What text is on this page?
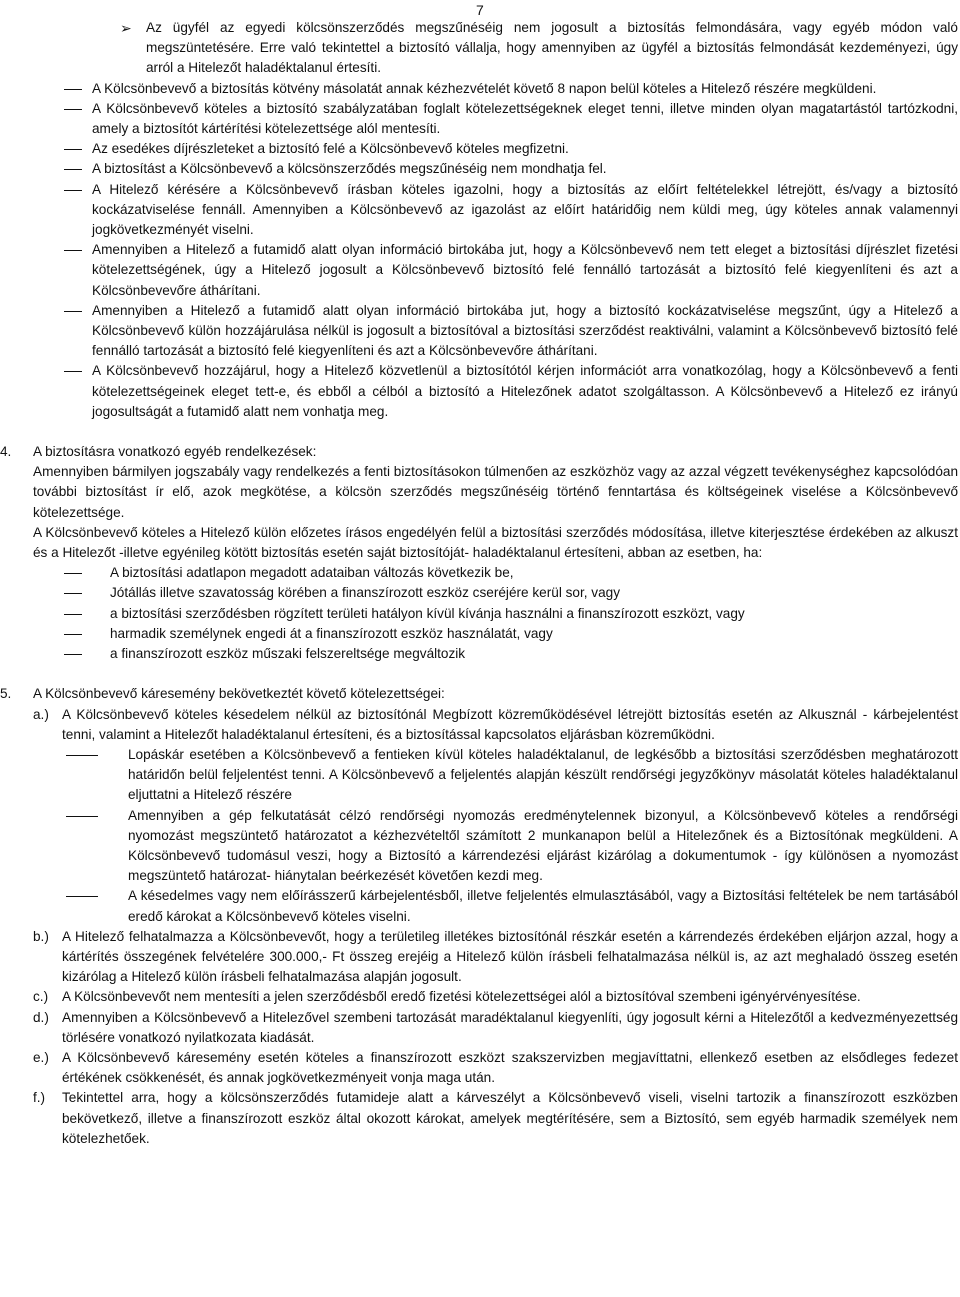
7
➢	Az ügyfél az egyedi kölcsönszerződés megszűnéséig nem jogosult a biztosítás felmondására, vagy egyéb módon való megszüntetésére. Erre való tekintettel a biztosító vállalja, hogy amennyiben az ügyfél a biztosítás felmondását kezdeményezi, úgy arról a Hitelezőt haladéktalanul értesíti.
A Kölcsönbevevő a biztosítás kötvény másolatát annak kézhezvételét követő 8 napon belül köteles a Hitelező részére megküldeni.
A Kölcsönbevevő köteles a biztosító szabályzatában foglalt kötelezettségeknek eleget tenni, illetve minden olyan magatartástól tartózkodni, amely a biztosítót kártérítési kötelezettsége alól mentesíti.
Az esedékes díjrészleteket a biztosító felé a Kölcsönbevevő köteles megfizetni.
A biztosítást a Kölcsönbevevő a kölcsönszerződés megszűnéséig nem mondhatja fel.
A Hitelező kérésére a Kölcsönbevevő írásban köteles igazolni, hogy a biztosítás az előírt feltételekkel létrejött, és/vagy a biztosító kockázatviselése fennáll. Amennyiben a Kölcsönbevevő az igazolást az előírt határidőig nem küldi meg, úgy köteles annak valamennyi jogkövetkezményét viselni.
Amennyiben a Hitelező a futamidő alatt olyan információ birtokába jut, hogy a Kölcsönbevevő nem tett eleget a biztosítási díjrészlet fizetési kötelezettségének, úgy a Hitelező jogosult a Kölcsönbevevő biztosító felé fennálló tartozását a biztosító felé kiegyenlíteni és azt a Kölcsönbevevőre áthárítani.
Amennyiben a Hitelező a futamidő alatt olyan információ birtokába jut, hogy a biztosító kockázatviselése megszűnt, úgy a Hitelező a Kölcsönbevevő külön hozzájárulása nélkül is jogosult a biztosítóval a biztosítási szerződést reaktiválni, valamint a Kölcsönbevevő biztosító felé fennálló tartozását a biztosító felé kiegyenlíteni és azt a Kölcsönbevevőre áthárítani.
A Kölcsönbevevő hozzájárul, hogy a Hitelező közvetlenül a biztosítótól kérjen információt arra vonatkozólag, hogy a Kölcsönbevevő a fenti kötelezettségeinek eleget tett-e, és ebből a célból a biztosító a Hitelezőnek adatot szolgáltasson. A Kölcsönbevevő a Hitelező ez irányú jogosultságát a futamidő alatt nem vonhatja meg.
4.	A biztosításra vonatkozó egyéb rendelkezések:
Amennyiben bármilyen jogszabály vagy rendelkezés a fenti biztosításokon túlmenően az eszközhöz vagy az azzal végzett tevékenységhez kapcsolódóan további biztosítást ír elő, azok megkötése, a kölcsön szerződés megszűnéséig történő fenntartása és költségeinek viselése a Kölcsönbevevő kötelezettsége.
A Kölcsönbevevő köteles a Hitelező külön előzetes írásos engedélyén felül a biztosítási szerződés módosítása, illetve kiterjesztése érdekében az alkuszt és a Hitelezőt -illetve egyénileg kötött biztosítás esetén saját biztosítóját- haladéktalanul értesíteni, abban az esetben, ha:
A biztosítási adatlapon megadott adataiban változás következik be,
Jótállás illetve szavatosság körében a finanszírozott eszköz cseréjére kerül sor, vagy
a biztosítási szerződésben rögzített területi hatályon kívül kívánja használni a finanszírozott eszközt, vagy
harmadik személynek engedi át a finanszírozott eszköz használatát, vagy
a finanszírozott eszköz műszaki felszereltsége megváltozik
5.	A Kölcsönbevevő káresemény bekövetkeztét követő kötelezettségei:
a.) A Kölcsönbevevő köteles késedelem nélkül az biztosítónál Megbízott közreműködésével létrejött biztosítás esetén az Alkusznál - kárbejelentést tenni, valamint a Hitelezőt haladéktalanul értesíteni, és a biztosítással kapcsolatos eljárásban közreműködni.
Lopáskár esetében a Kölcsönbevevő a fentieken kívül köteles haladéktalanul, de legkésőbb a biztosítási szerződésben meghatározott határidőn belül feljelentést tenni. A Kölcsönbevevő a feljelentés alapján készült rendőrségi jegyzőkönyv másolatát köteles haladéktalanul eljuttatni a Hitelező részére
Amennyiben a gép felkutatását célzó rendőrségi nyomozás eredménytelennek bizonyul, a Kölcsönbevevő köteles a rendőrségi nyomozást megszüntető határozatot a kézhezvételtől számított 2 munkanapon belül a Hitelezőnek és a Biztosítónak megküldeni. A Kölcsönbevevő tudomásul veszi, hogy a Biztosító a kárrendezési eljárást kizárólag a dokumentumok - így különösen a nyomozást megszüntető határozat- hiánytalan beérkezését követően kezdi meg.
A késedelmes vagy nem előírásszerű kárbejelentésből, illetve feljelentés elmulasztásából, vagy a Biztosítási feltételek be nem tartásából eredő károkat a Kölcsönbevevő köteles viselni.
b.) A Hitelező felhatalmazza a Kölcsönbevevőt, hogy a területileg illetékes biztosítónál részkár esetén a kárrendezés érdekében eljárjon azzal, hogy a kártérítés összegének felvételére 300.000,- Ft összeg erejéig a Hitelező külön írásbeli felhatalmazása nélkül is, az azt meghaladó összeg esetén kizárólag a Hitelező külön írásbeli felhatalmazása alapján jogosult.
c.)	A Kölcsönbevevőt nem mentesíti a jelen szerződésből eredő fizetési kötelezettségei alól a biztosítóval szembeni igényérvényesítése.
d.) Amennyiben a Kölcsönbevevő a Hitelezővel szembeni tartozását maradéktalanul kiegyenlíti, úgy jogosult kérni a Hitelezőtől a kedvezményezettség törlésére vonatkozó nyilatkozata kiadását.
e.) A Kölcsönbevevő káresemény esetén köteles a finanszírozott eszközt szakszervizben megjavíttatni, ellenkező esetben az elsődleges fedezet értékének csökkenését, és annak jogkövetkezményeit vonja maga után.
f.)	Tekintettel arra, hogy a kölcsönszerződés futamideje alatt a kárveszélyt a Kölcsönbevevő viseli, viselni tartozik a finanszírozott eszközben bekövetkező, illetve a finanszírozott eszköz által okozott károkat, amelyek megtérítésére, sem a Biztosító, sem egyéb harmadik személyek nem kötelezhetőek.
